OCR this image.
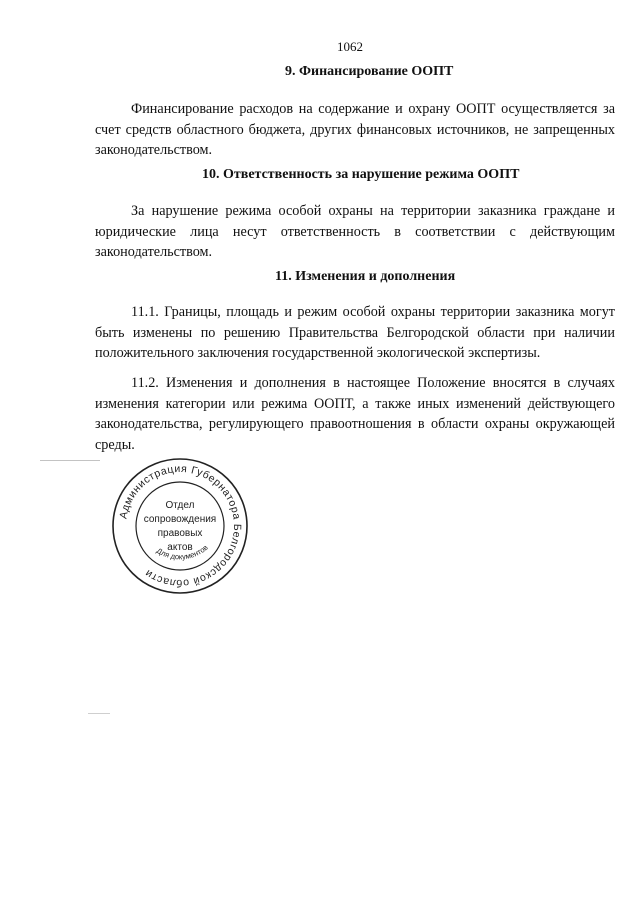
1062
9. Финансирование ООПТ
Финансирование расходов на содержание и охрану ООПТ осуществляется за счет средств областного бюджета, других финансовых источников, не запрещенных законодательством.
10. Ответственность за нарушение режима ООПТ
За нарушение режима особой охраны на территории заказника граждане и юридические лица несут ответственность в соответствии с действующим законодательством.
11. Изменения и дополнения
11.1. Границы, площадь и режим особой охраны территории заказника могут быть изменены по решению Правительства Белгородской области при наличии положительного заключения государственной экологической экспертизы.
11.2. Изменения и дополнения в настоящее Положение вносятся в случаях изменения категории или режима ООПТ, а также иных изменений действующего законодательства, регулирующего правоотношения в области охраны окружающей среды.
Администрация Губернатора Белгородской области
Для документов
Отдел
сопровождения
правовых
актов
